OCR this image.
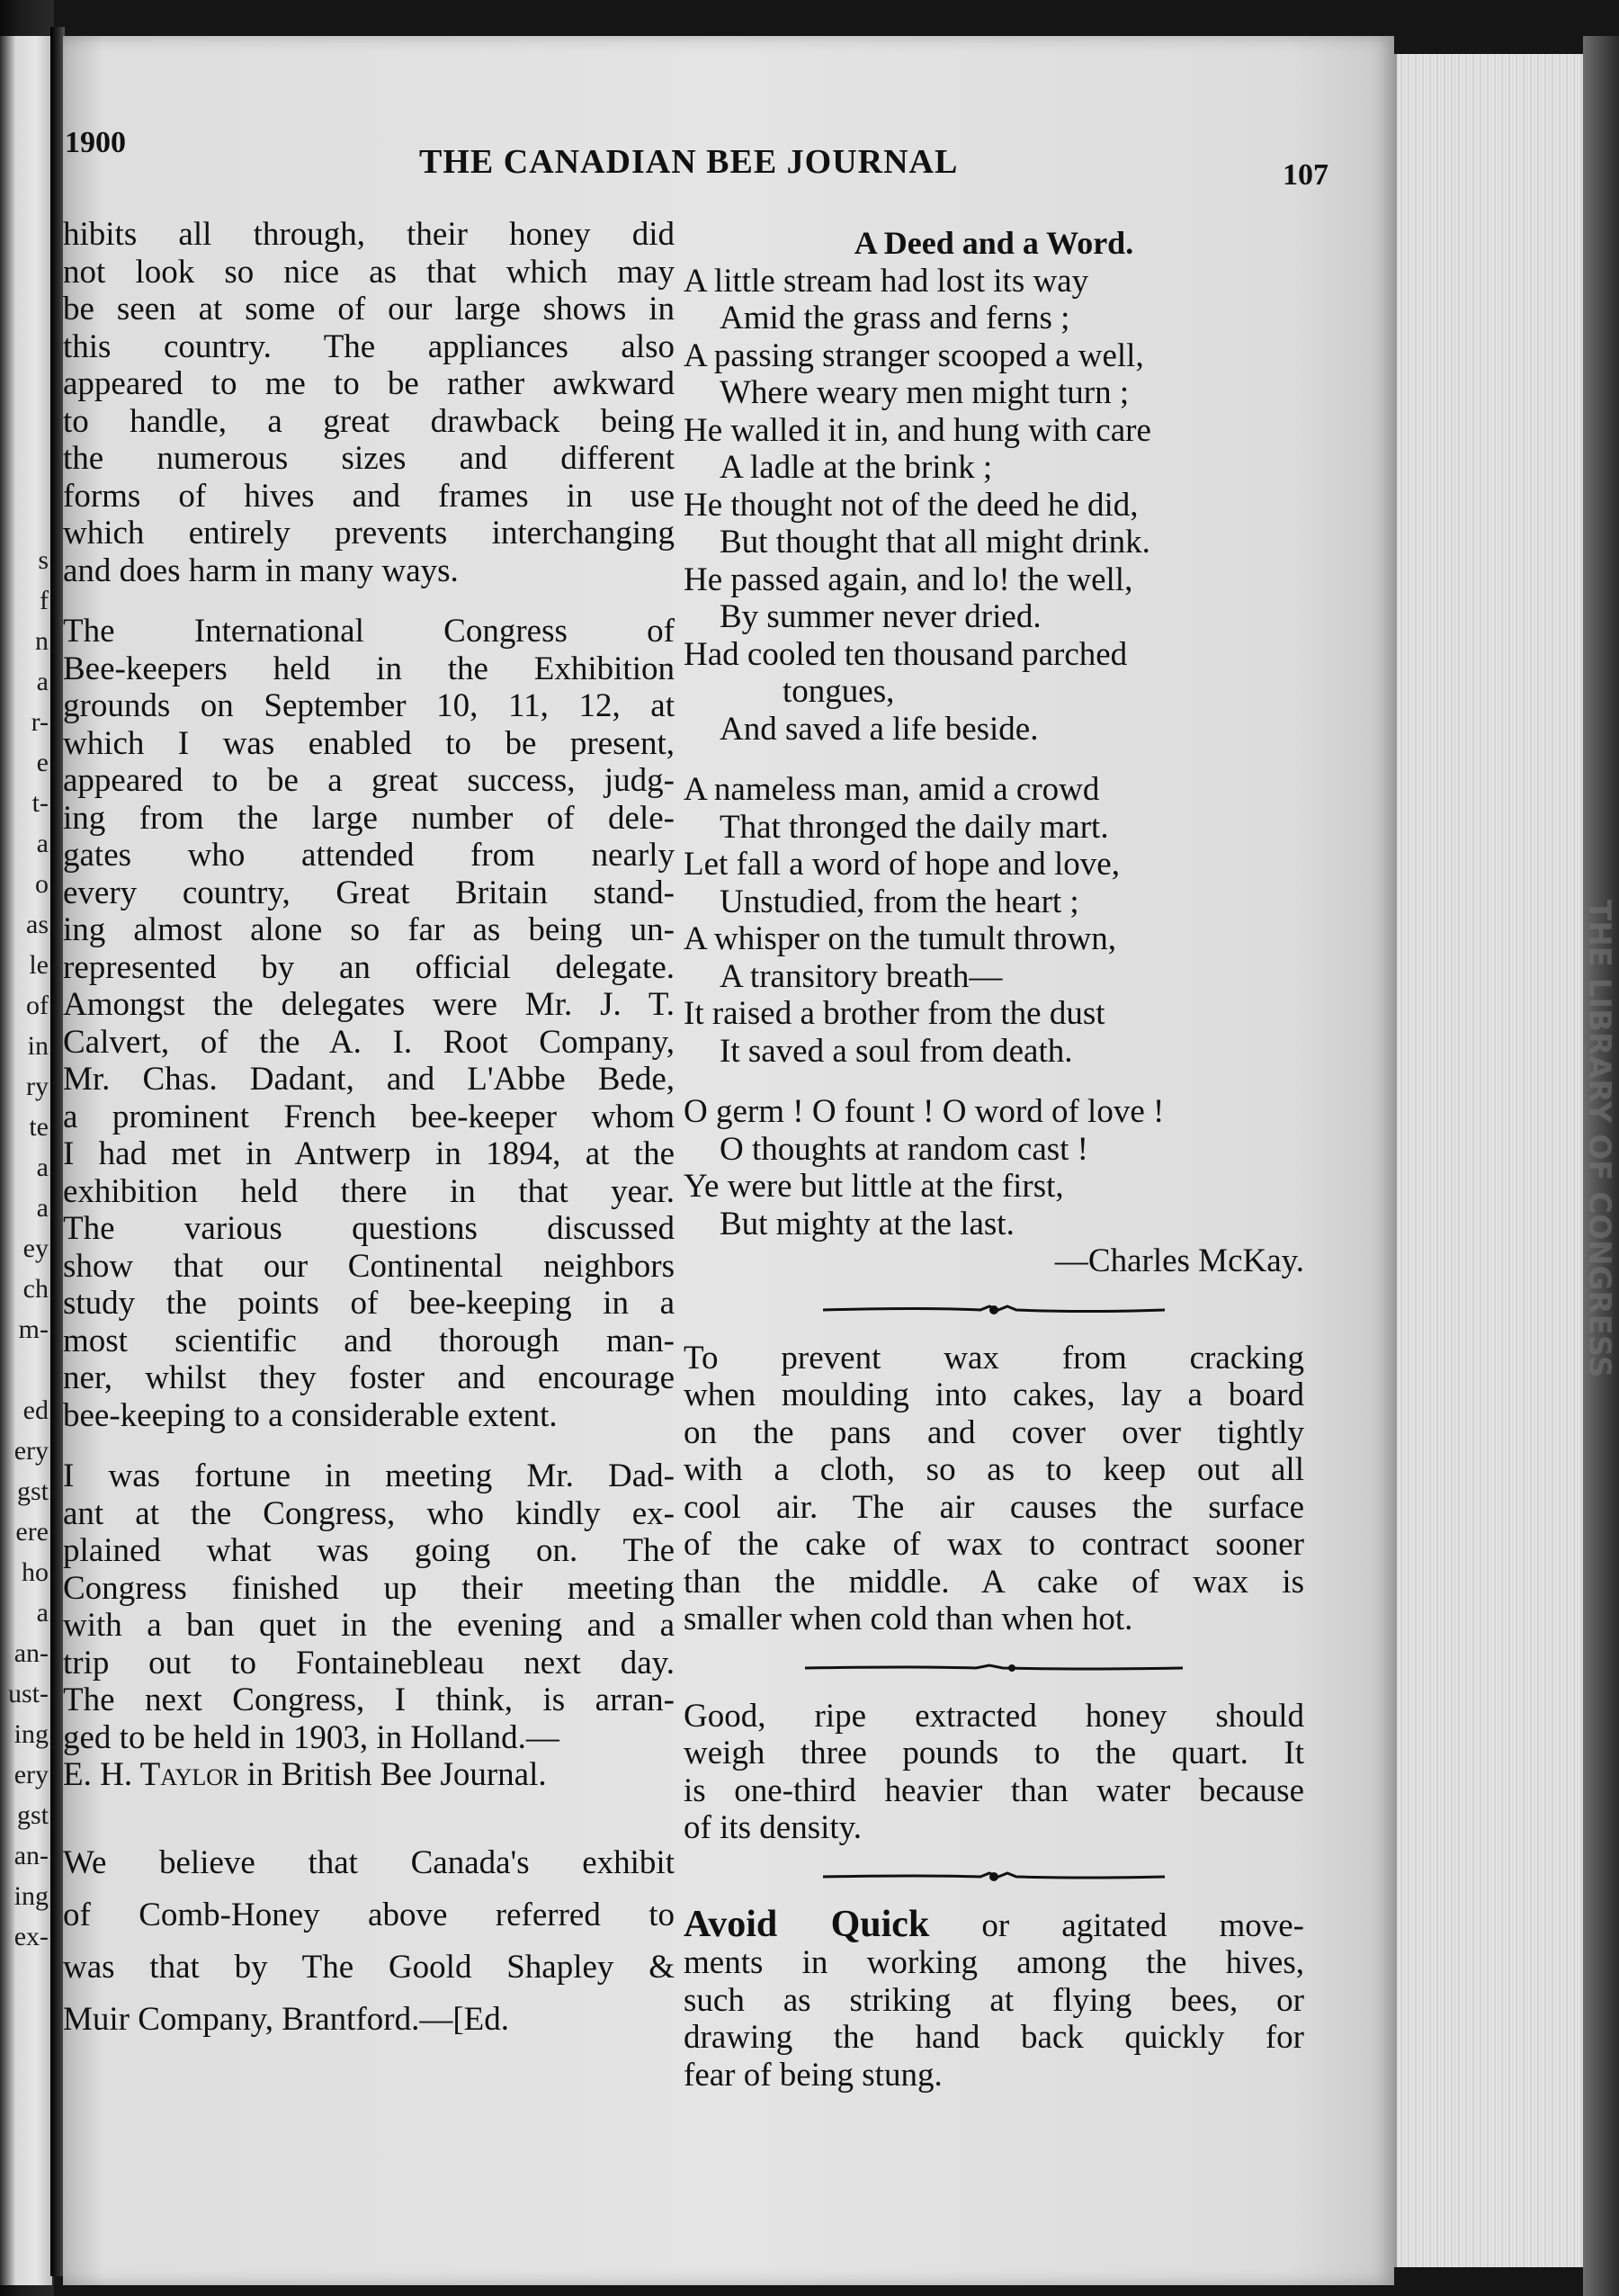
s
f
n
a
r-
e
t-
a
o
as
le
of
in
ry
te
a
a
ey
ch
m-

ed
ery
gst
ere
ho
a
an-
ust-
ing
ery
gst
an-
ing
ex-
THE LIBRARY OF CONGRESS
1900
THE CANADIAN BEE JOURNAL	107

hibits all through, their honey did

not look so nice as that which may

be seen at some of our large shows in

this country. The appliances also

appeared to me to be rather awkward

to handle, a great drawback being

the numerous sizes and different

forms of hives and frames in use

which entirely prevents interchanging

and does harm in many ways.

The International Congress of

Bee-keepers held in the Exhibition

grounds on September 10, 11, 12, at

which I was enabled to be present,

appeared to be a great success, judg-

ing from the large number of dele-

gates who attended from nearly

every country, Great Britain stand-

ing almost alone so far as being un-

represented by an official delegate.

Amongst the delegates were Mr. J. T.

Calvert, of the A. I. Root Company,

Mr. Chas. Dadant, and L'Abbe Bede,

a prominent French bee-keeper whom

I had met in Antwerp in 1894, at the

exhibition held there in that year.

The various questions discussed

show that our Continental neighbors

study the points of bee-keeping in a

most scientific and thorough man-

ner, whilst they foster and encourage

bee-keeping to a considerable extent.

I was fortune in meeting Mr. Dad-

ant at the Congress, who kindly ex-

plained what was going on. The

Congress finished up their meeting

with a ban quet in the evening and a

trip out to Fontainebleau next day.

The next Congress, I think, is arran-

ged to be held in 1903, in Holland.—

E. H. Taylor in British Bee Journal.

We believe that Canada's exhibit

of Comb-Honey above referred to

was that by The Goold Shapley &

Muir Company, Brantford.—[Ed.

A Deed and a Word.

A little stream had lost its way

Amid the grass and ferns ;

A passing stranger scooped a well,

Where weary men might turn ;

He walled it in, and hung with care

A ladle at the brink ;

He thought not of the deed he did,

But thought that all might drink.

He passed again, and lo! the well,

By summer never dried.

Had cooled ten thousand parched

tongues,

And saved a life beside.

A nameless man, amid a crowd

That thronged the daily mart.

Let fall a word of hope and love,

Unstudied, from the heart ;

A whisper on the tumult thrown,

A transitory breath—

It raised a brother from the dust

It saved a soul from death.

O germ ! O fount ! O word of love !

O thoughts at random cast !

Ye were but little at the first,

But mighty at the last.

—Charles McKay.

To prevent wax from cracking

when moulding into cakes, lay a board

on the pans and cover over tightly

with a cloth, so as to keep out all

cool air. The air causes the surface

of the cake of wax to contract sooner

than the middle. A cake of wax is

smaller when cold than when hot.

Good, ripe extracted honey should

weigh three pounds to the quart. It

is one-third heavier than water because

of its density.

Avoid Quick or agitated move-

ments in working among the hives,

such as striking at flying bees, or

drawing the hand back quickly for

fear of being stung.
